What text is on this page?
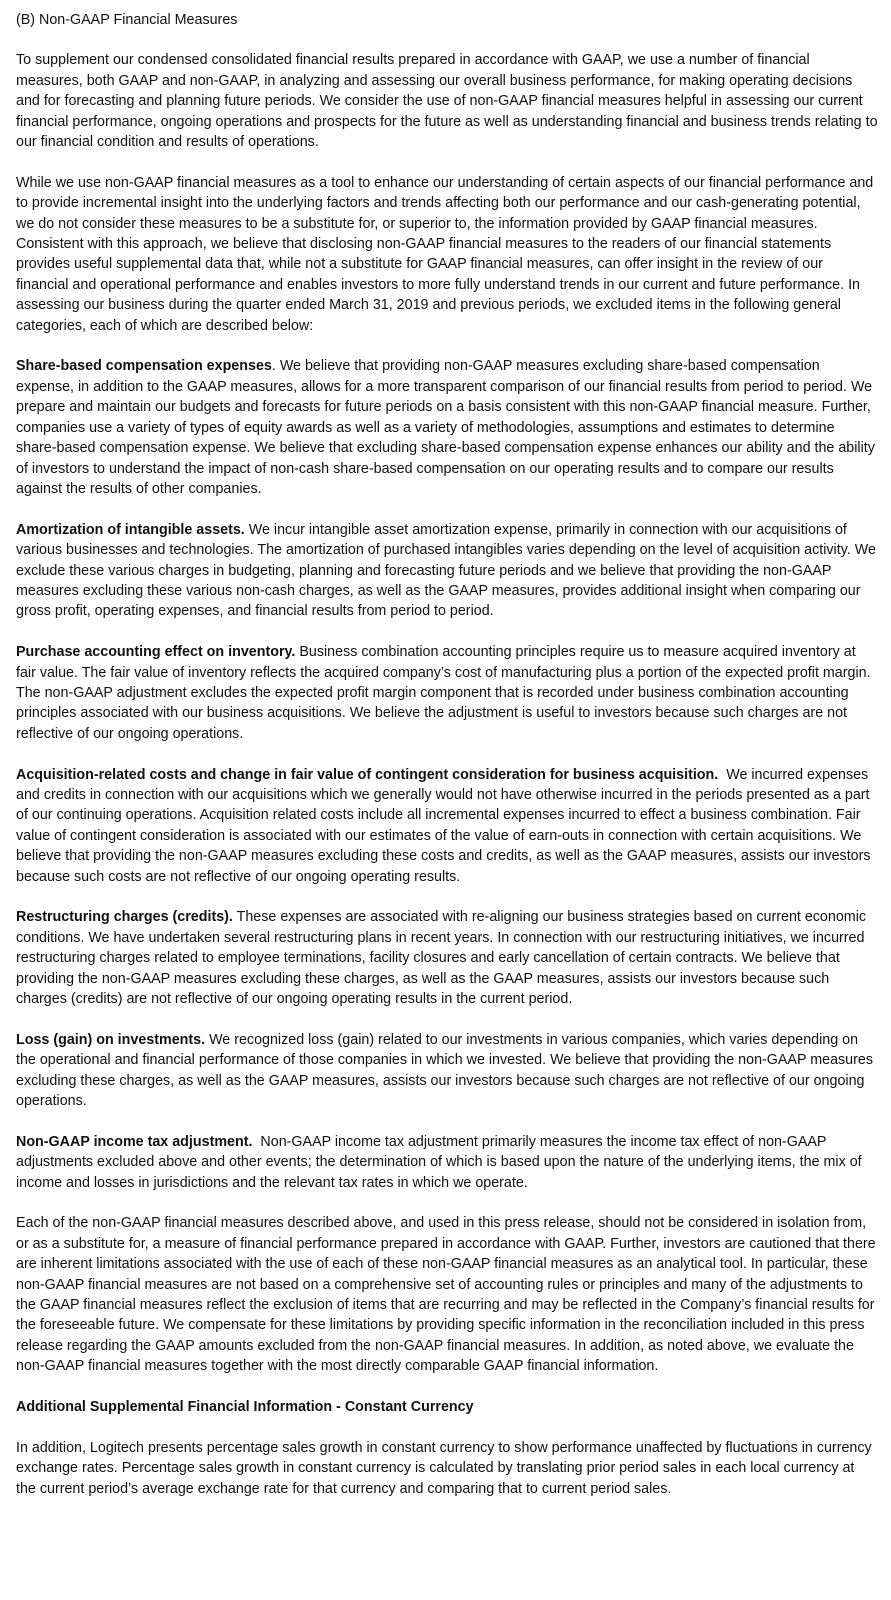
(B) Non-GAAP Financial Measures

To supplement our condensed consolidated financial results prepared in accordance with GAAP, we use a number of financial measures, both GAAP and non-GAAP, in analyzing and assessing our overall business performance, for making operating decisions and for forecasting and planning future periods. We consider the use of non-GAAP financial measures helpful in assessing our current financial performance, ongoing operations and prospects for the future as well as understanding financial and business trends relating to our financial condition and results of operations.

While we use non-GAAP financial measures as a tool to enhance our understanding of certain aspects of our financial performance and to provide incremental insight into the underlying factors and trends affecting both our performance and our cash-generating potential, we do not consider these measures to be a substitute for, or superior to, the information provided by GAAP financial measures. Consistent with this approach, we believe that disclosing non-GAAP financial measures to the readers of our financial statements provides useful supplemental data that, while not a substitute for GAAP financial measures, can offer insight in the review of our financial and operational performance and enables investors to more fully understand trends in our current and future performance. In assessing our business during the quarter ended March 31, 2019 and previous periods, we excluded items in the following general categories, each of which are described below:

Share-based compensation expenses. We believe that providing non-GAAP measures excluding share-based compensation expense, in addition to the GAAP measures, allows for a more transparent comparison of our financial results from period to period. We prepare and maintain our budgets and forecasts for future periods on a basis consistent with this non-GAAP financial measure. Further, companies use a variety of types of equity awards as well as a variety of methodologies, assumptions and estimates to determine share-based compensation expense. We believe that excluding share-based compensation expense enhances our ability and the ability of investors to understand the impact of non-cash share-based compensation on our operating results and to compare our results against the results of other companies.

Amortization of intangible assets. We incur intangible asset amortization expense, primarily in connection with our acquisitions of various businesses and technologies. The amortization of purchased intangibles varies depending on the level of acquisition activity. We exclude these various charges in budgeting, planning and forecasting future periods and we believe that providing the non-GAAP measures excluding these various non-cash charges, as well as the GAAP measures, provides additional insight when comparing our gross profit, operating expenses, and financial results from period to period.

Purchase accounting effect on inventory. Business combination accounting principles require us to measure acquired inventory at fair value. The fair value of inventory reflects the acquired company’s cost of manufacturing plus a portion of the expected profit margin. The non-GAAP adjustment excludes the expected profit margin component that is recorded under business combination accounting principles associated with our business acquisitions. We believe the adjustment is useful to investors because such charges are not reflective of our ongoing operations.

Acquisition-related costs and change in fair value of contingent consideration for business acquisition. We incurred expenses and credits in connection with our acquisitions which we generally would not have otherwise incurred in the periods presented as a part of our continuing operations. Acquisition related costs include all incremental expenses incurred to effect a business combination. Fair value of contingent consideration is associated with our estimates of the value of earn-outs in connection with certain acquisitions. We believe that providing the non-GAAP measures excluding these costs and credits, as well as the GAAP measures, assists our investors because such costs are not reflective of our ongoing operating results.

Restructuring charges (credits). These expenses are associated with re-aligning our business strategies based on current economic conditions. We have undertaken several restructuring plans in recent years. In connection with our restructuring initiatives, we incurred restructuring charges related to employee terminations, facility closures and early cancellation of certain contracts. We believe that providing the non-GAAP measures excluding these charges, as well as the GAAP measures, assists our investors because such charges (credits) are not reflective of our ongoing operating results in the current period.

Loss (gain) on investments. We recognized loss (gain) related to our investments in various companies, which varies depending on the operational and financial performance of those companies in which we invested. We believe that providing the non-GAAP measures excluding these charges, as well as the GAAP measures, assists our investors because such charges are not reflective of our ongoing operations.

Non-GAAP income tax adjustment. Non-GAAP income tax adjustment primarily measures the income tax effect of non-GAAP adjustments excluded above and other events; the determination of which is based upon the nature of the underlying items, the mix of income and losses in jurisdictions and the relevant tax rates in which we operate.

Each of the non-GAAP financial measures described above, and used in this press release, should not be considered in isolation from, or as a substitute for, a measure of financial performance prepared in accordance with GAAP. Further, investors are cautioned that there are inherent limitations associated with the use of each of these non-GAAP financial measures as an analytical tool. In particular, these non-GAAP financial measures are not based on a comprehensive set of accounting rules or principles and many of the adjustments to the GAAP financial measures reflect the exclusion of items that are recurring and may be reflected in the Company’s financial results for the foreseeable future. We compensate for these limitations by providing specific information in the reconciliation included in this press release regarding the GAAP amounts excluded from the non-GAAP financial measures. In addition, as noted above, we evaluate the non-GAAP financial measures together with the most directly comparable GAAP financial information.

Additional Supplemental Financial Information - Constant Currency

In addition, Logitech presents percentage sales growth in constant currency to show performance unaffected by fluctuations in currency exchange rates. Percentage sales growth in constant currency is calculated by translating prior period sales in each local currency at the current period’s average exchange rate for that currency and comparing that to current period sales.
